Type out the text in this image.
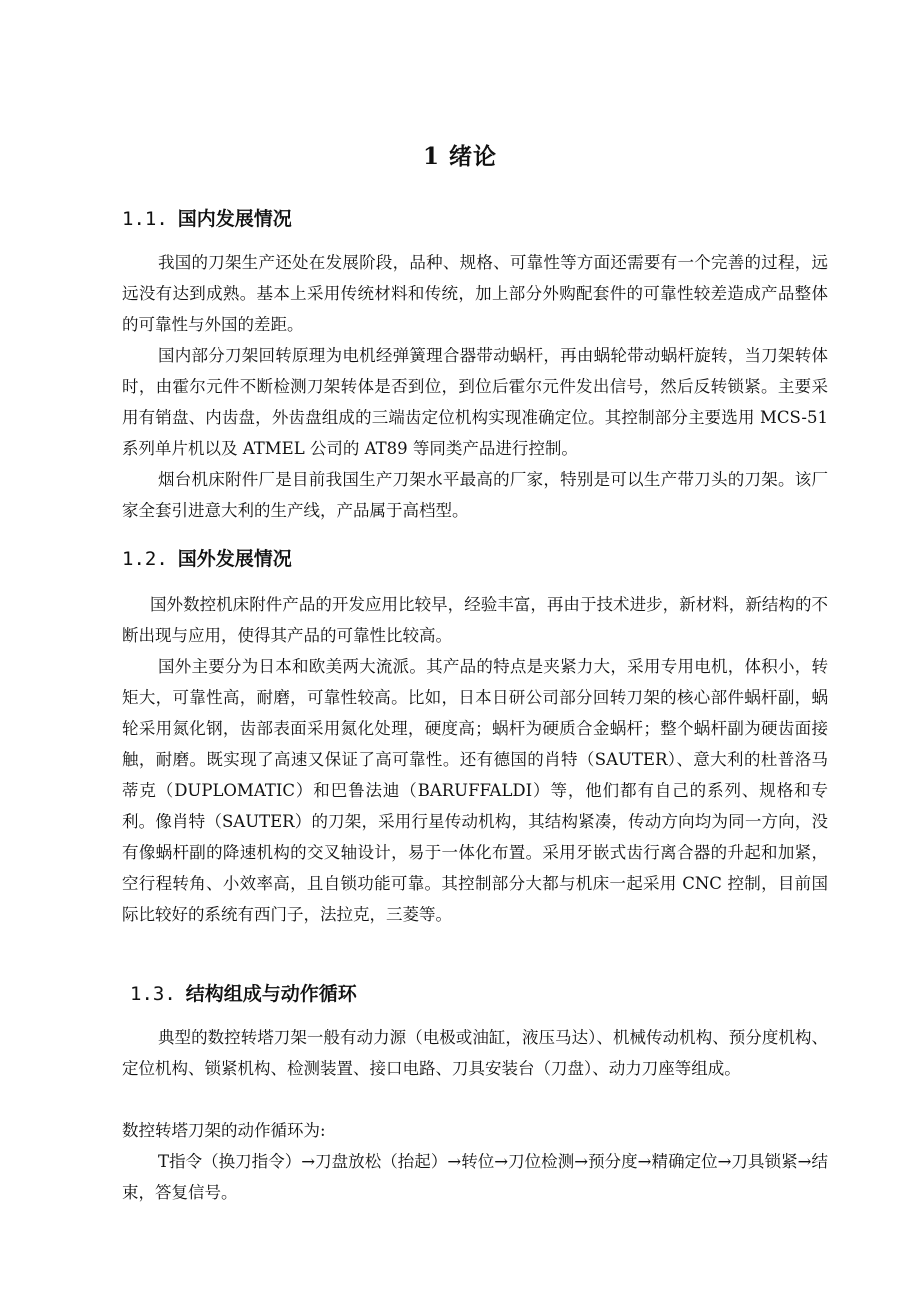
1 绪论
1.1. 国内发展情况

我国的刀架生产还处在发展阶段，品种、规格、可靠性等方面还需要有一个完善的过程，远远没有达到成熟。基本上采用传统材料和传统，加上部分外购配套件的可靠性较差造成产品整体的可靠性与外国的差距。

国内部分刀架回转原理为电机经弹簧理合器带动蜗杆，再由蜗轮带动蜗杆旋转，当刀架转体时，由霍尔元件不断检测刀架转体是否到位，到位后霍尔元件发出信号，然后反转锁紧。主要采用有销盘、内齿盘，外齿盘组成的三端齿定位机构实现准确定位。其控制部分主要选用 MCS-51 系列单片机以及 ATMEL 公司的 AT89 等同类产品进行控制。

烟台机床附件厂是目前我国生产刀架水平最高的厂家，特别是可以生产带刀头的刀架。该厂家全套引进意大利的生产线，产品属于高档型。

1.2. 国外发展情况

国外数控机床附件产品的开发应用比较早，经验丰富，再由于技术进步，新材料，新结构的不断出现与应用，使得其产品的可靠性比较高。

国外主要分为日本和欧美两大流派。其产品的特点是夹紧力大，采用专用电机，体积小，转矩大，可靠性高，耐磨，可靠性较高。比如，日本日研公司部分回转刀架的核心部件蜗杆副，蜗轮采用氮化钢，齿部表面采用氮化处理，硬度高；蜗杆为硬质合金蜗杆；整个蜗杆副为硬齿面接触，耐磨。既实现了高速又保证了高可靠性。还有德国的肖特（SAUTER）、意大利的杜普洛马蒂克（DUPLOMATIC）和巴鲁法迪（BARUFFALDI）等，他们都有自己的系列、规格和专利。像肖特（SAUTER）的刀架，采用行星传动机构，其结构紧凑，传动方向均为同一方向，没有像蜗杆副的降速机构的交叉轴设计，易于一体化布置。采用牙嵌式齿行离合器的升起和加紧，空行程转角、小效率高，且自锁功能可靠。其控制部分大都与机床一起采用 CNC 控制，目前国际比较好的系统有西门子，法拉克，三菱等。

1.3. 结构组成与动作循环

典型的数控转塔刀架一般有动力源（电极或油缸，液压马达）、机械传动机构、预分度机构、定位机构、锁紧机构、检测装置、接口电路、刀具安装台（刀盘）、动力刀座等组成。

数控转塔刀架的动作循环为:

T指令（换刀指令）→刀盘放松（抬起）→转位→刀位检测→预分度→精确定位→刀具锁紧→结束，答复信号。
